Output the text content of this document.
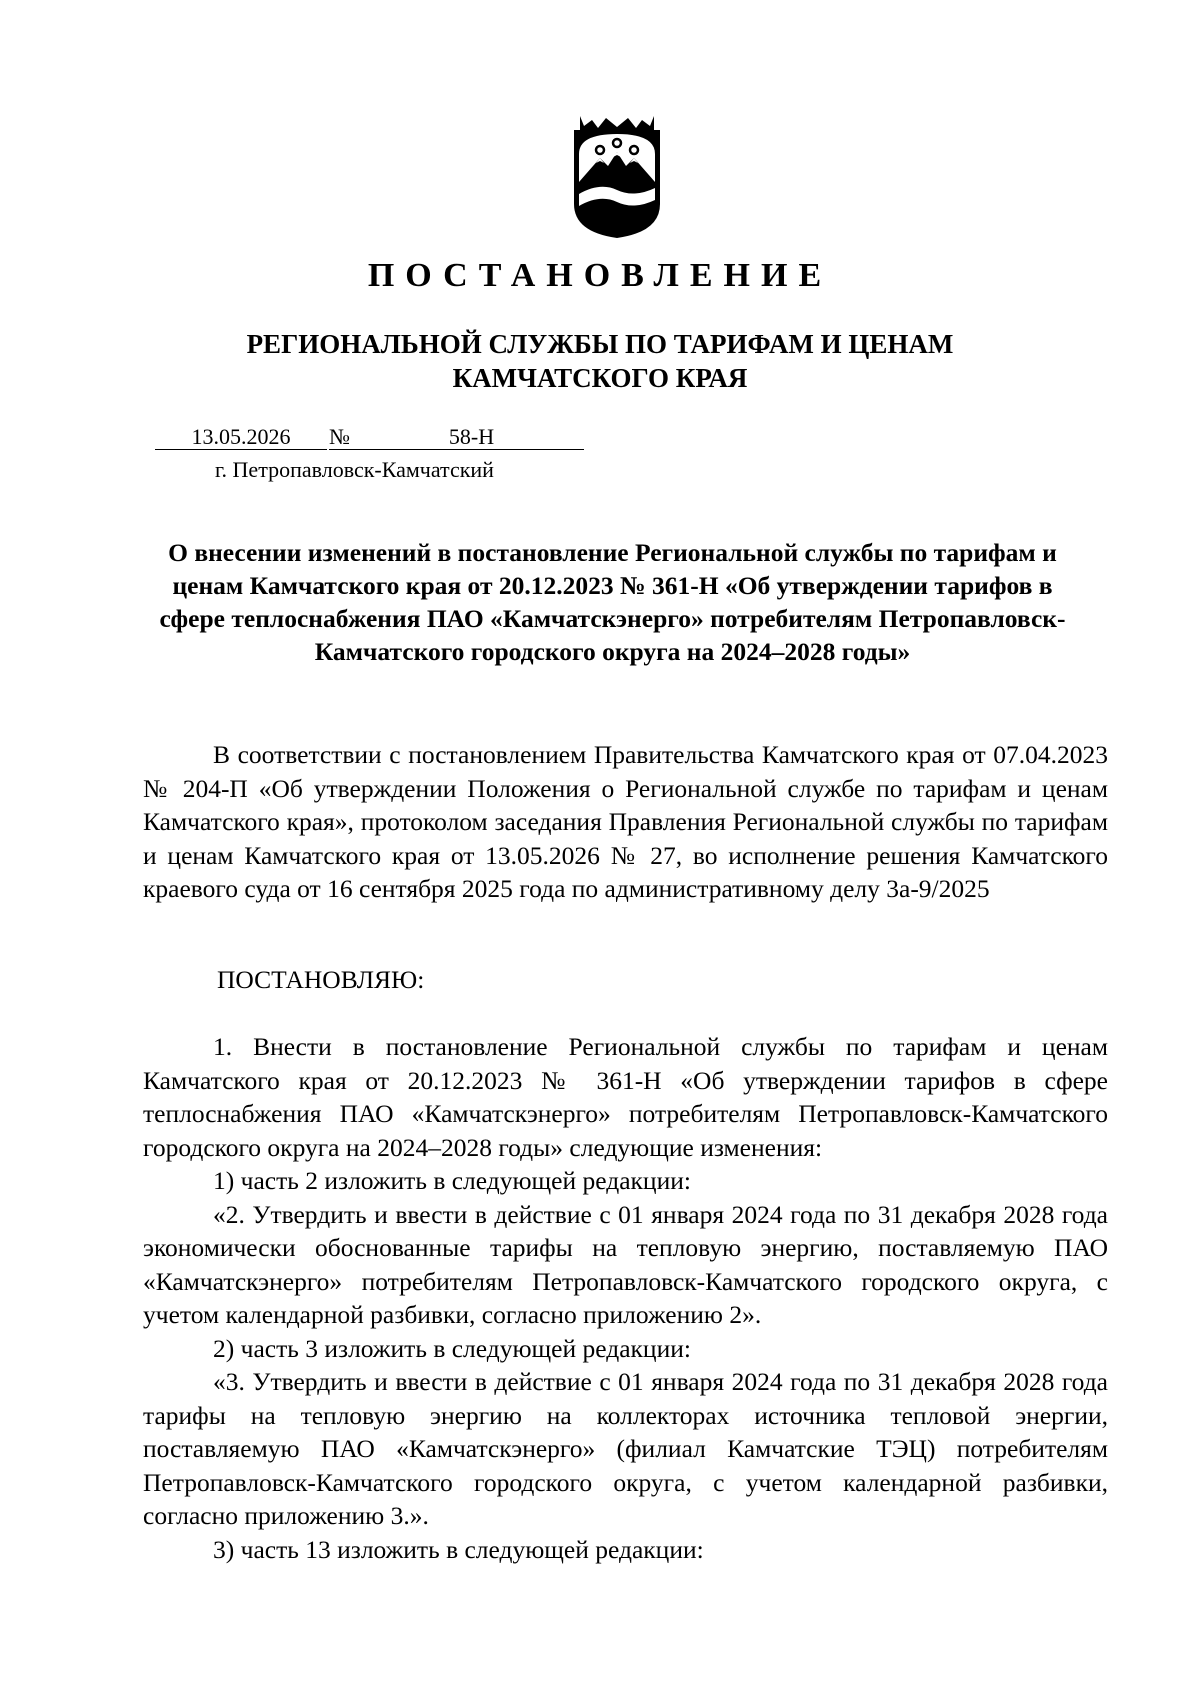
ПОСТАНОВЛЕНИЕ
РЕГИОНАЛЬНОЙ СЛУЖБЫ ПО ТАРИФАМ И ЦЕНАМ КАМЧАТСКОГО КРАЯ
13.05.2026 №	58-Н
г. Петропавловск-Камчатский
О внесении изменений в постановление Региональной службы по тарифам и ценам Камчатского края от 20.12.2023 № 361-Н «Об утверждении тарифов в сфере теплоснабжения ПАО «Камчатскэнерго» потребителям Петропавловск-Камчатского городского округа на 2024–2028 годы»

В соответствии с постановлением Правительства Камчатского края от 07.04.2023 № 204-П «Об утверждении Положения о Региональной службе по тарифам и ценам Камчатского края», протоколом заседания Правления Региональной службы по тарифам и ценам Камчатского края от 13.05.2026 № 27, во исполнение решения Камчатского краевого суда от 16 сентября 2025 года по административному делу 3а-9/2025

ПОСТАНОВЛЯЮ:

1. Внести в постановление Региональной службы по тарифам и ценам Камчатского края от 20.12.2023 № 361-Н «Об утверждении тарифов в сфере теплоснабжения ПАО «Камчатскэнерго» потребителям Петропавловск-Камчатского городского округа на 2024–2028 годы» следующие изменения:

1) часть 2 изложить в следующей редакции:

«2. Утвердить и ввести в действие с 01 января 2024 года по 31 декабря 2028 года экономически обоснованные тарифы на тепловую энергию, поставляемую ПАО «Камчатскэнерго» потребителям Петропавловск-Камчатского городского округа, с учетом календарной разбивки, согласно приложению 2».

2) часть 3 изложить в следующей редакции:

«3. Утвердить и ввести в действие с 01 января 2024 года по 31 декабря 2028 года тарифы на тепловую энергию на коллекторах источника тепловой энергии, поставляемую ПАО «Камчатскэнерго» (филиал Камчатские ТЭЦ) потребителям Петропавловск-Камчатского городского округа, с учетом календарной разбивки, согласно приложению 3.».

3) часть 13 изложить в следующей редакции:
